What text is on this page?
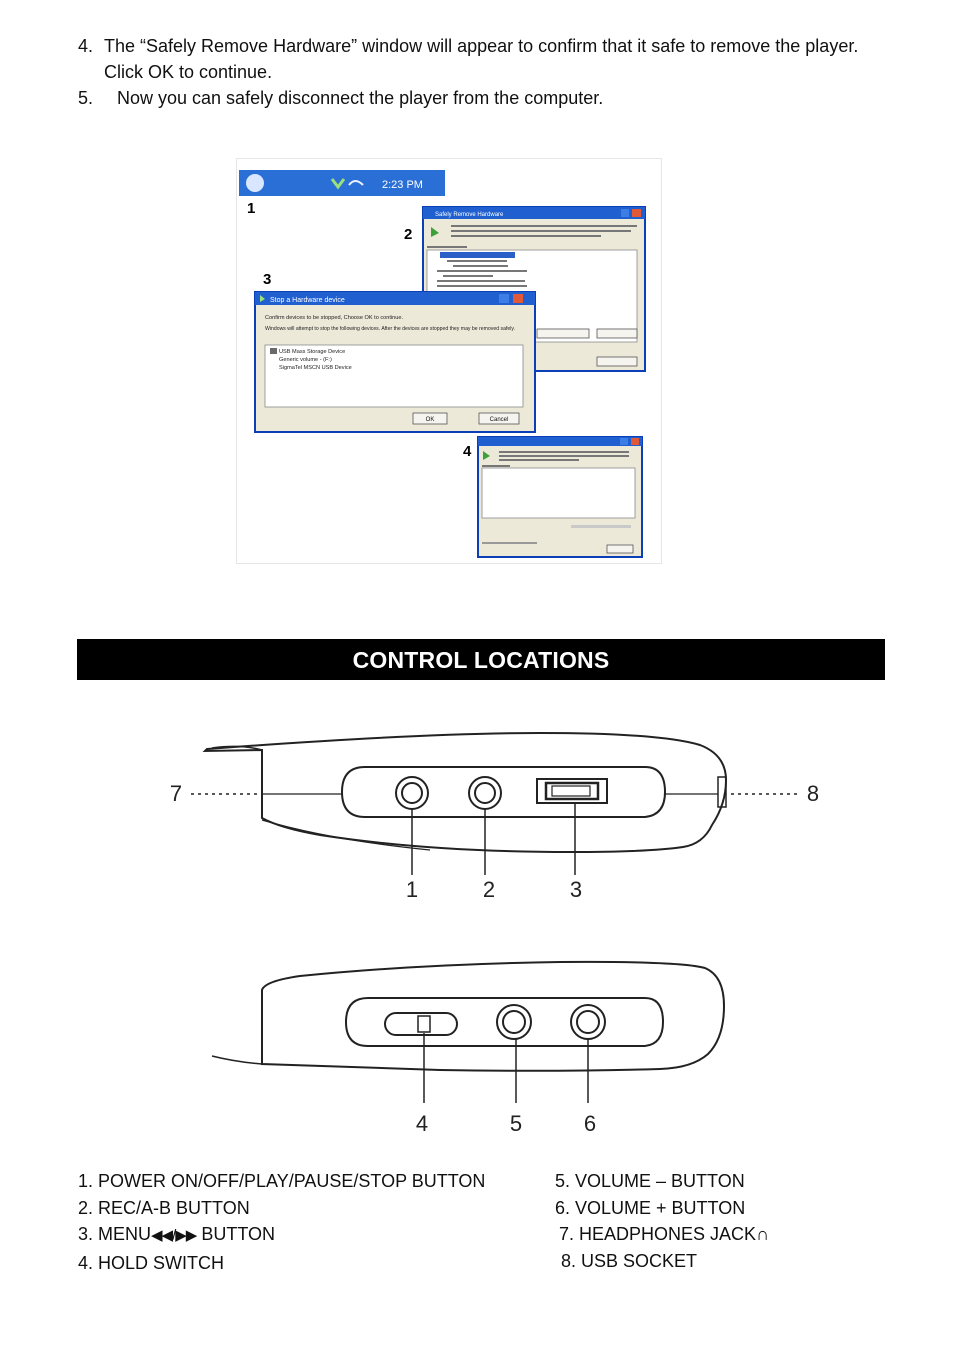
4. The “Safely Remove Hardware” window will appear to confirm that it safe to remove the player. Click OK to continue.
5. Now you can safely disconnect the player from the computer.
2:23 PM
1
2
3
4
Safely Remove Hardware
Stop a Hardware device
Confirm devices to be stopped, Choose OK to continue.
Windows will attempt to stop the following devices. After the devices are stopped they may be removed safely.
USB Mass Storage Device
Generic volume - (F:)
SigmaTel MSCN USB Device
OK	Cancel
CONTROL LOCATIONS
7
1	2	3
8
4	5	6
1. POWER ON/OFF/PLAY/PAUSE/STOP BUTTON
2. REC/A-B BUTTON
3. MENU◀◀/▶▶ BUTTON
4. HOLD SWITCH
5. VOLUME – BUTTON
6. VOLUME + BUTTON
7. HEADPHONES JACK∩
8. USB SOCKET
